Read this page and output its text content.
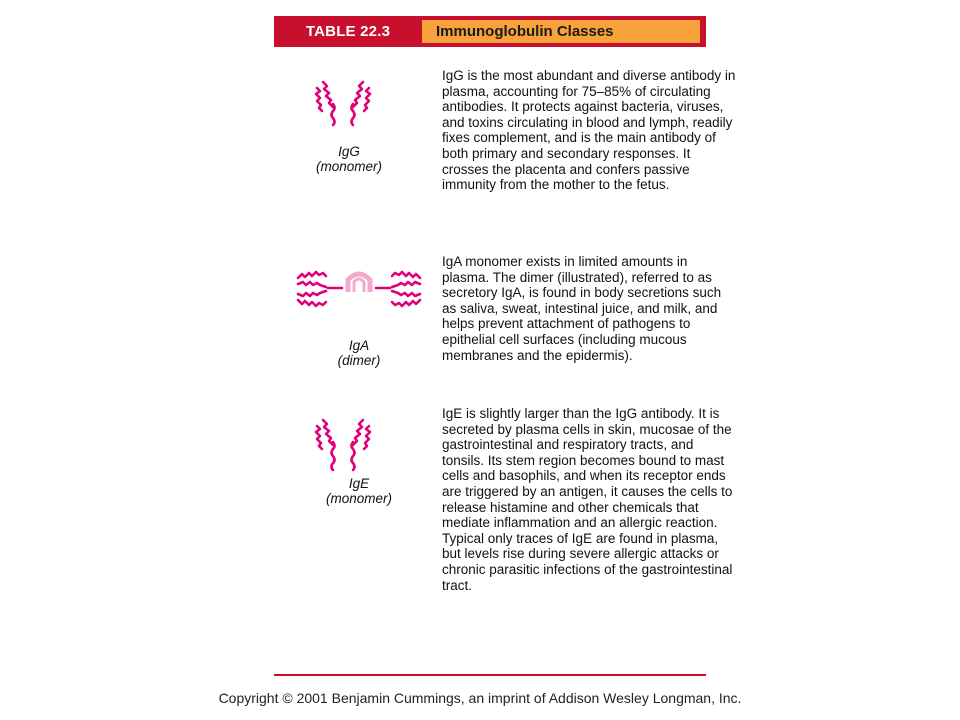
TABLE 22.3	Immunoglobulin Classes
IgG
(monomer)

IgG is the most abundant and diverse antibody in plasma, accounting for 75–85% of circulating antibodies. It protects against bacteria, viruses, and toxins circulating in blood and lymph, readily fixes complement, and is the main antibody of both primary and secondary responses. It crosses the placenta and confers passive immunity from the mother to the fetus.

IgA
(dimer)

IgA monomer exists in limited amounts in plasma. The dimer (illustrated), referred to as secretory IgA, is found in body secretions such as saliva, sweat, intestinal juice, and milk, and helps prevent attachment of pathogens to epithelial cell surfaces (including mucous membranes and the epidermis).

IgE
(monomer)

IgE is slightly larger than the IgG antibody. It is secreted by plasma cells in skin, mucosae of the gastrointestinal and respiratory tracts, and tonsils. Its stem region becomes bound to mast cells and basophils, and when its receptor ends are triggered by an antigen, it causes the cells to release histamine and other chemicals that mediate inflammation and an allergic reaction. Typical only traces of IgE are found in plasma, but levels rise during severe allergic attacks or chronic parasitic infections of the gastrointestinal tract.

Copyright © 2001 Benjamin Cummings, an imprint of Addison Wesley Longman, Inc.
